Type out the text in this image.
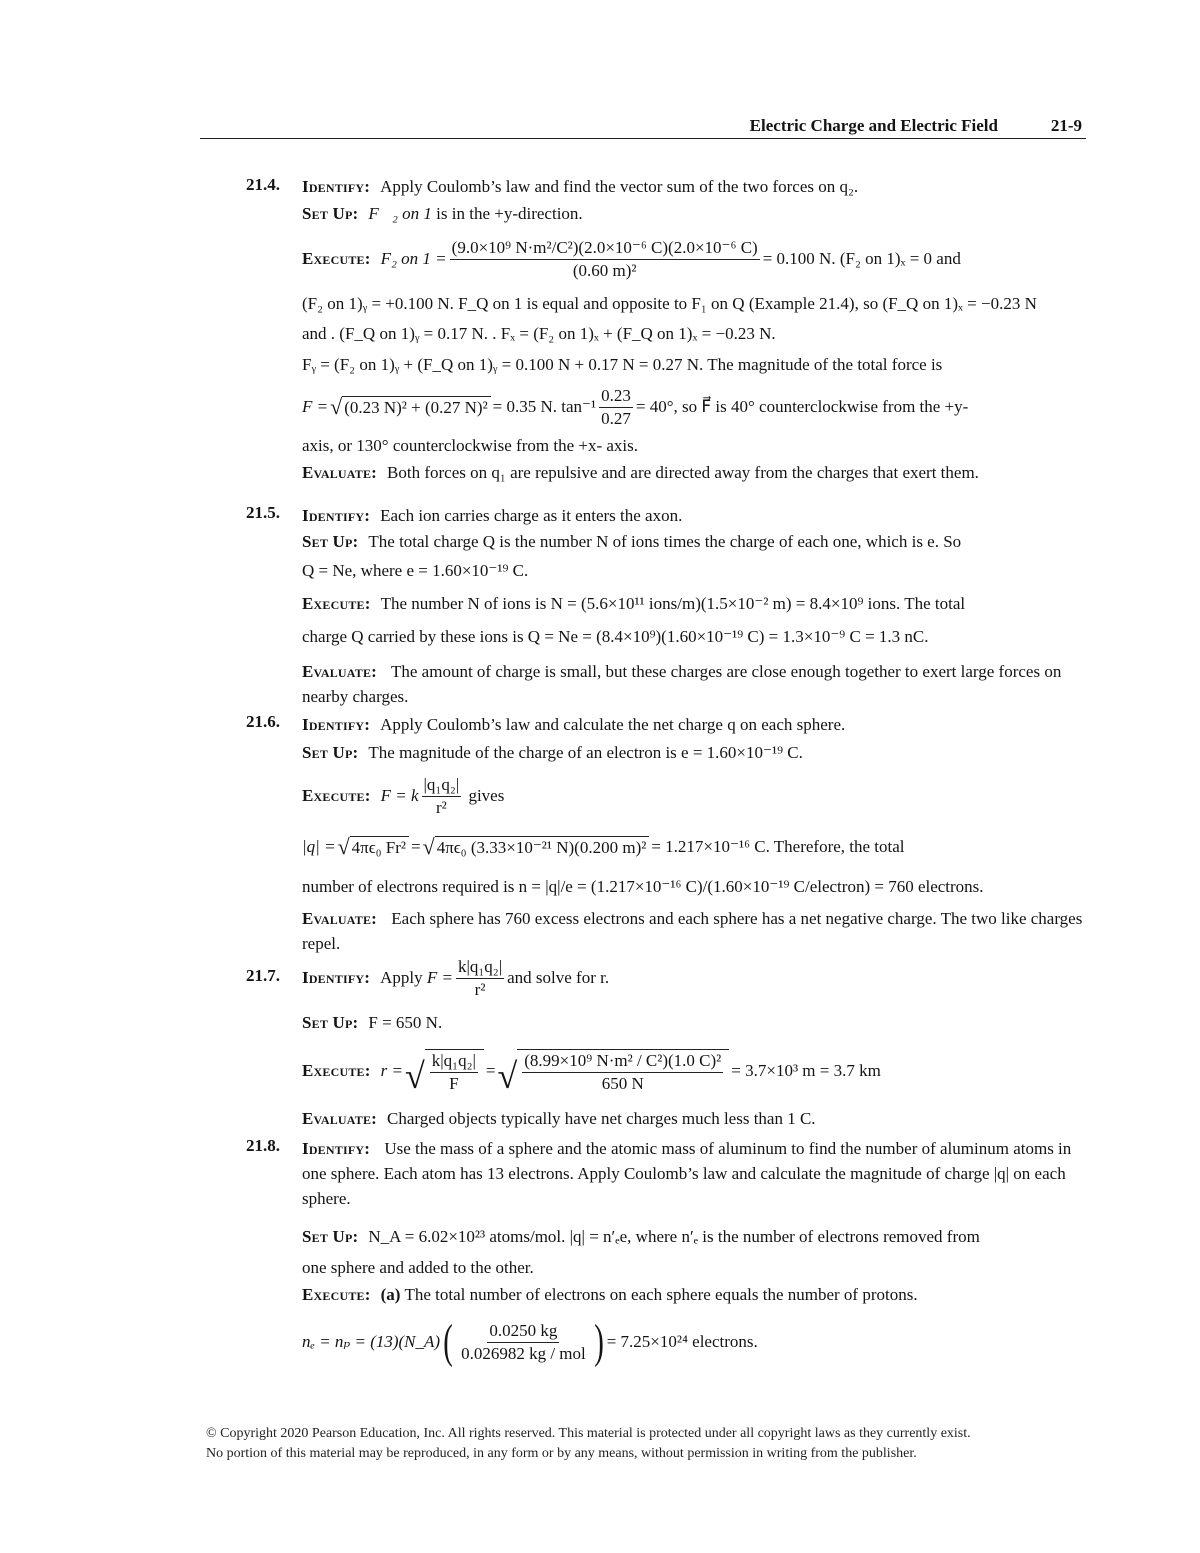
Electric Charge and Electric Field	21-9
21.4. Identify: Apply Coulomb’s law and find the vector sum of the two forces on q₂.
Set Up: F⃗₂ on 1
is in the +y-direction.
Execute: F₂ on $1 = \frac{\text{(9.0×10⁹ N·m²/C²)(2.0×10⁻⁶ C)(2.0×10⁻⁶ C)}}{\text{(0.60 m)²}} = 0.100$ N. (F₂ on 1)ₓ = 0 and
(F₂ on 1)ᵧ = +0.100 N. F_Q on 1 is equal and opposite to F₁ on Q (Example 21.4), so (F_Q on 1)ₓ = −0.23 N
and . (F_Q on 1)ᵧ = 0.17 N. . Fₓ = (F₂ on 1)ₓ + (F_Q on 1)ₓ = −0.23 N.
Fᵧ = (F₂ on 1)ᵧ + (F_Q on 1)ᵧ = 0.100 N + 0.17 N = 0.27 N. The magnitude of the total force is
F = √ (0.23 N)² + (0.27 N)² = 0.35 N. $\tan^{-1} \frac{0.23}{0.27} = 40^\circ$, so F⃗ is 40° counterclockwise from the +y-
axis, or 130° counterclockwise from the +x- axis.
Evaluate: Both forces on q₁ are repulsive and are directed away from the charges that exert them.
21.5. Identify: Each ion carries charge as it enters the axon.
Set Up: The total charge Q is the number N of ions times the charge of each one, which is e. So
Q = Ne, where e = 1.60×10⁻¹⁹ C.
Execute: The number N of ions is N = (5.6×10¹¹ ions/m)(1.5×10⁻² m) = 8.4×10⁹ ions. The total
charge Q carried by these ions is Q = Ne = (8.4×10⁹)(1.60×10⁻¹⁹ C) = 1.3×10⁻⁹ C = 1.3 nC.
Evaluate: The amount of charge is small, but these charges are close enough together to exert large forces on nearby charges.
21.6. Identify: Apply Coulomb’s law and calculate the net charge q on each sphere.
Set Up: The magnitude of the charge of an electron is e = 1.60×10⁻¹⁹ C.
Execute: F = k $\frac{\text{|q₁q₂|}}{\text{r²}}$
gives
|q| = √ 4πϵ₀ Fr² = √ 4πϵ₀ (3.33×10⁻²¹ N)(0.200 m)² = 1.217×10⁻¹⁶ C. Therefore, the total
number of electrons required is n = |q|/e = (1.217×10⁻¹⁶ C)/(1.60×10⁻¹⁹ C/electron) = 760 electrons.
Evaluate: Each sphere has 760 excess electrons and each sphere has a net negative charge. The two like charges repel.
21.7. Identify: Apply
$F = \frac{\text{k|q₁q₂|}}{\text{r²}}$ and solve for r.
Set Up: F = 650 N.
Execute: r = √ $\frac{\text{k|q₁q₂|}}{F}$ = √ $\frac{\text{(8.99×10⁹ N·m² / C²)(1.0 C)²}}{650 N} = 3.7\times 10^3$ m = 3.7 km
Evaluate: Charged objects typically have net charges much less than 1 C.
21.8. Identify: Use the mass of a sphere and the atomic mass of aluminum to find the number of aluminum atoms in one sphere. Each atom has 13 electrons. Apply Coulomb’s law and calculate the magnitude of charge |q| on each sphere.
Set Up: N_A = 6.02×10²³ atoms/mol. |q| = n′ₑe, where n′ₑ is the number of electrons removed from
one sphere and added to the other.
Execute: (a) The total number of electrons on each sphere equals the number of protons.
nₑ = nₚ = (13)(N_A) ( $\frac{0.0250 kg}{\text{0.026982 kg / mol}}$ ) = 7.25×10²⁴ electrons.
© Copyright 2020 Pearson Education, Inc. All rights reserved. This material is protected under all copyright laws as they currently exist.
No portion of this material may be reproduced, in any form or by any means, without permission in writing from the publisher.
